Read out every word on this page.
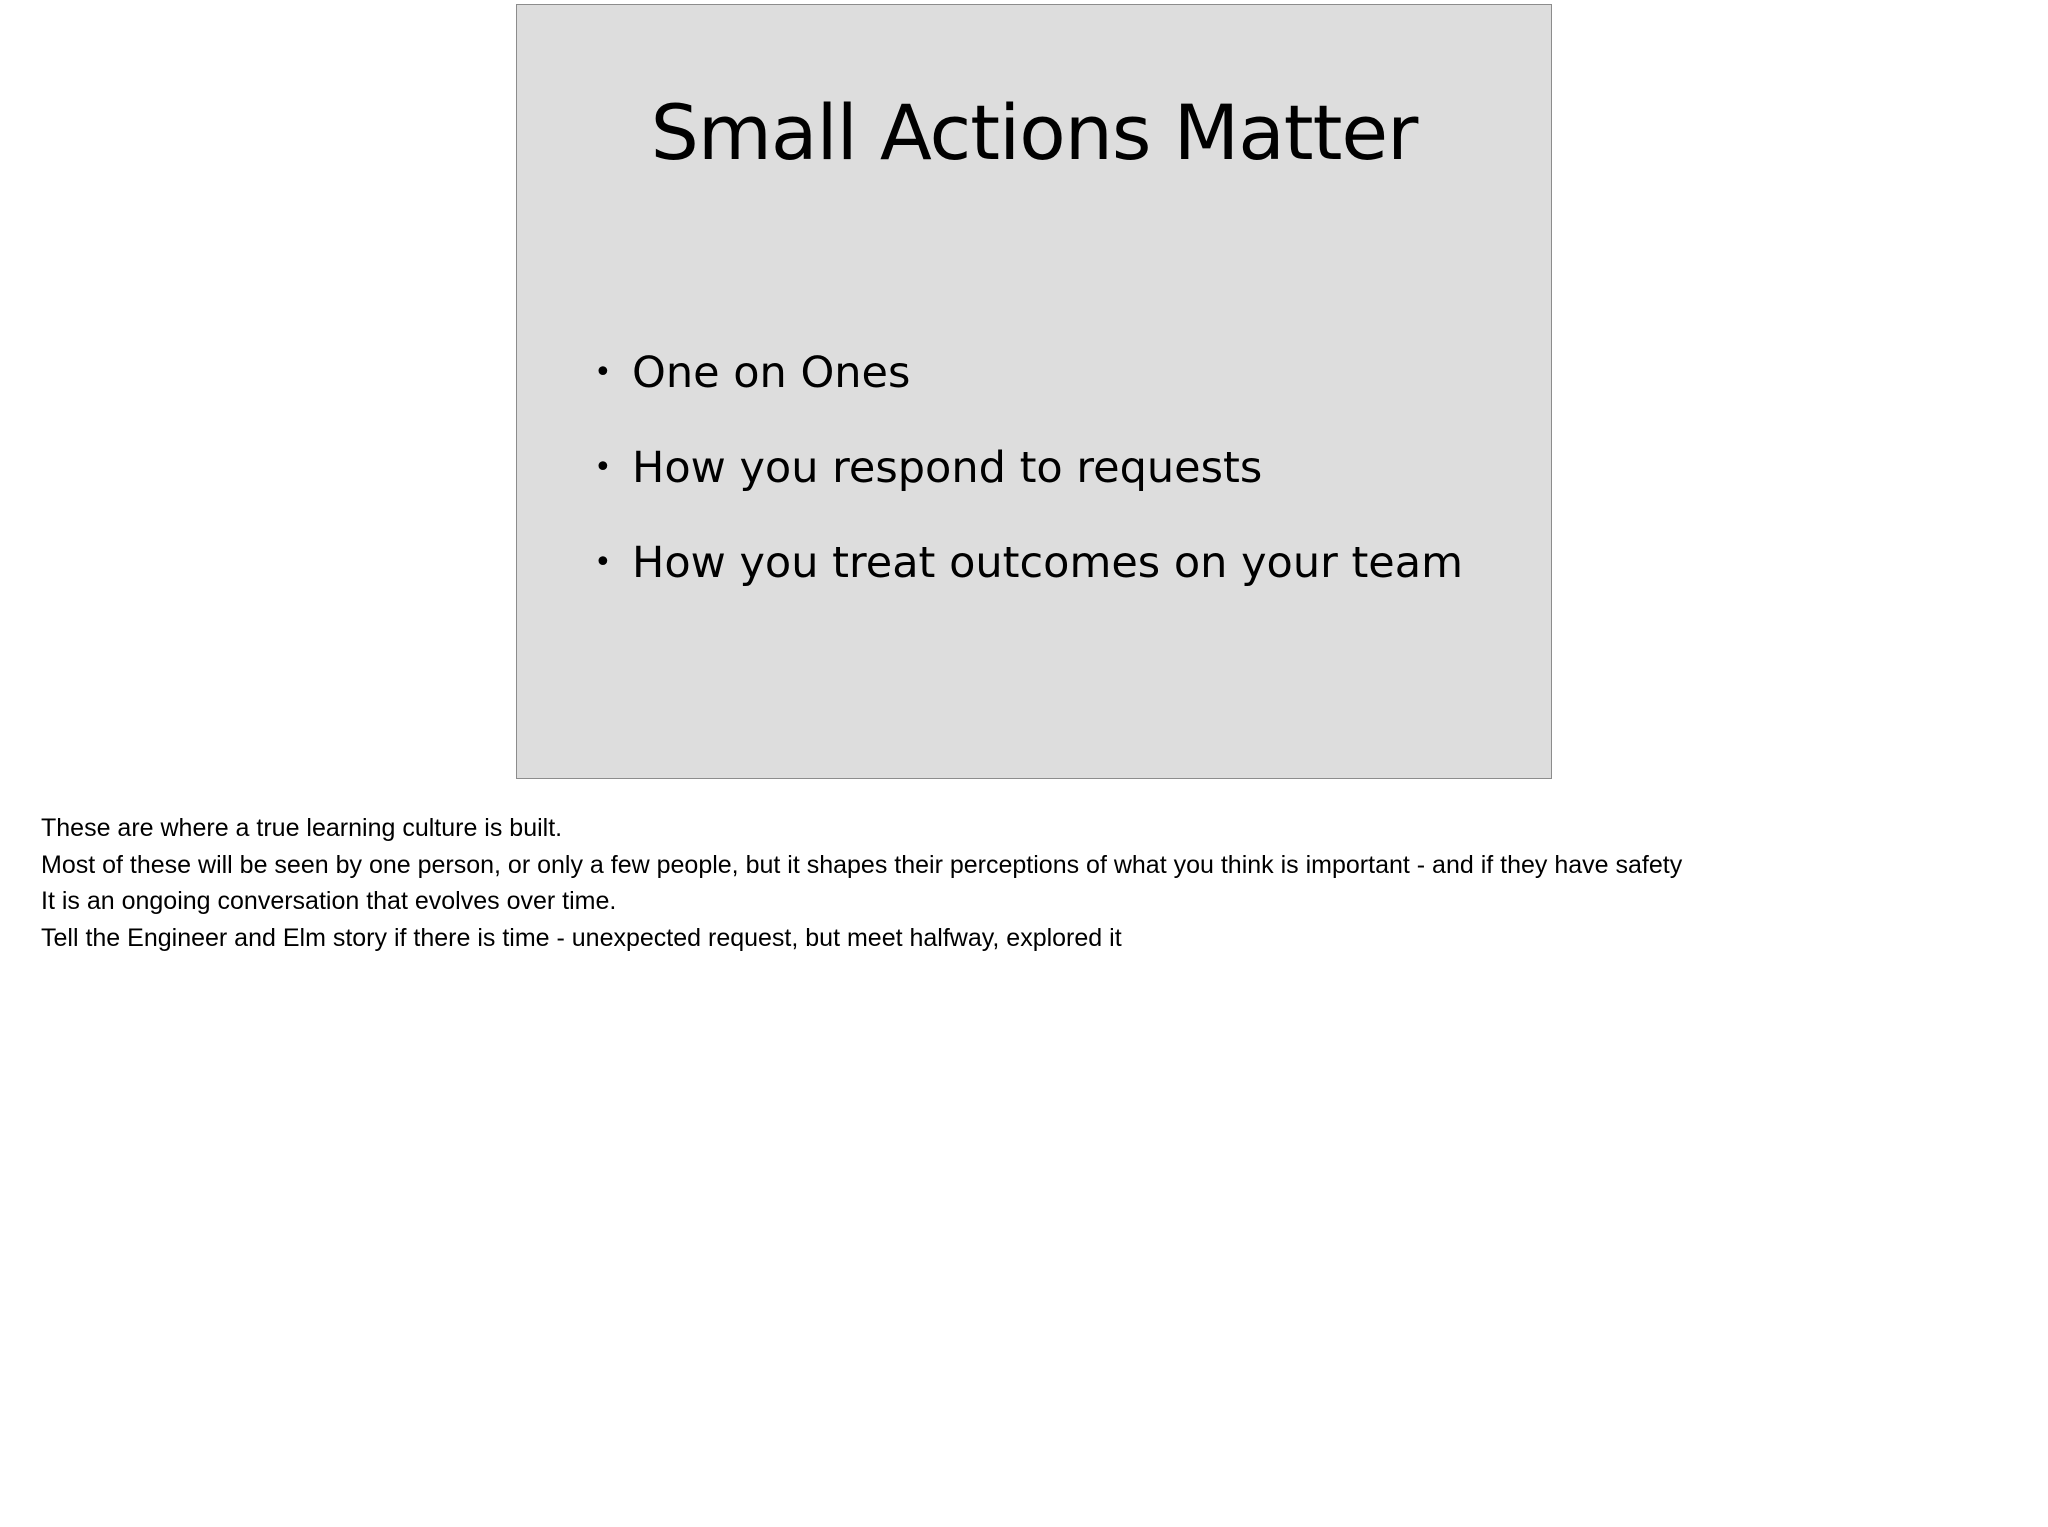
Small Actions Matter
• One on Ones
• How you respond to requests
• How you treat outcomes on your team
These are where a true learning culture is built.
Most of these will be seen by one person, or only a few people, but it shapes their perceptions of what you think is important - and if they have safety
It is an ongoing conversation that evolves over time.
Tell the Engineer and Elm story if there is time - unexpected request, but meet halfway, explored it
